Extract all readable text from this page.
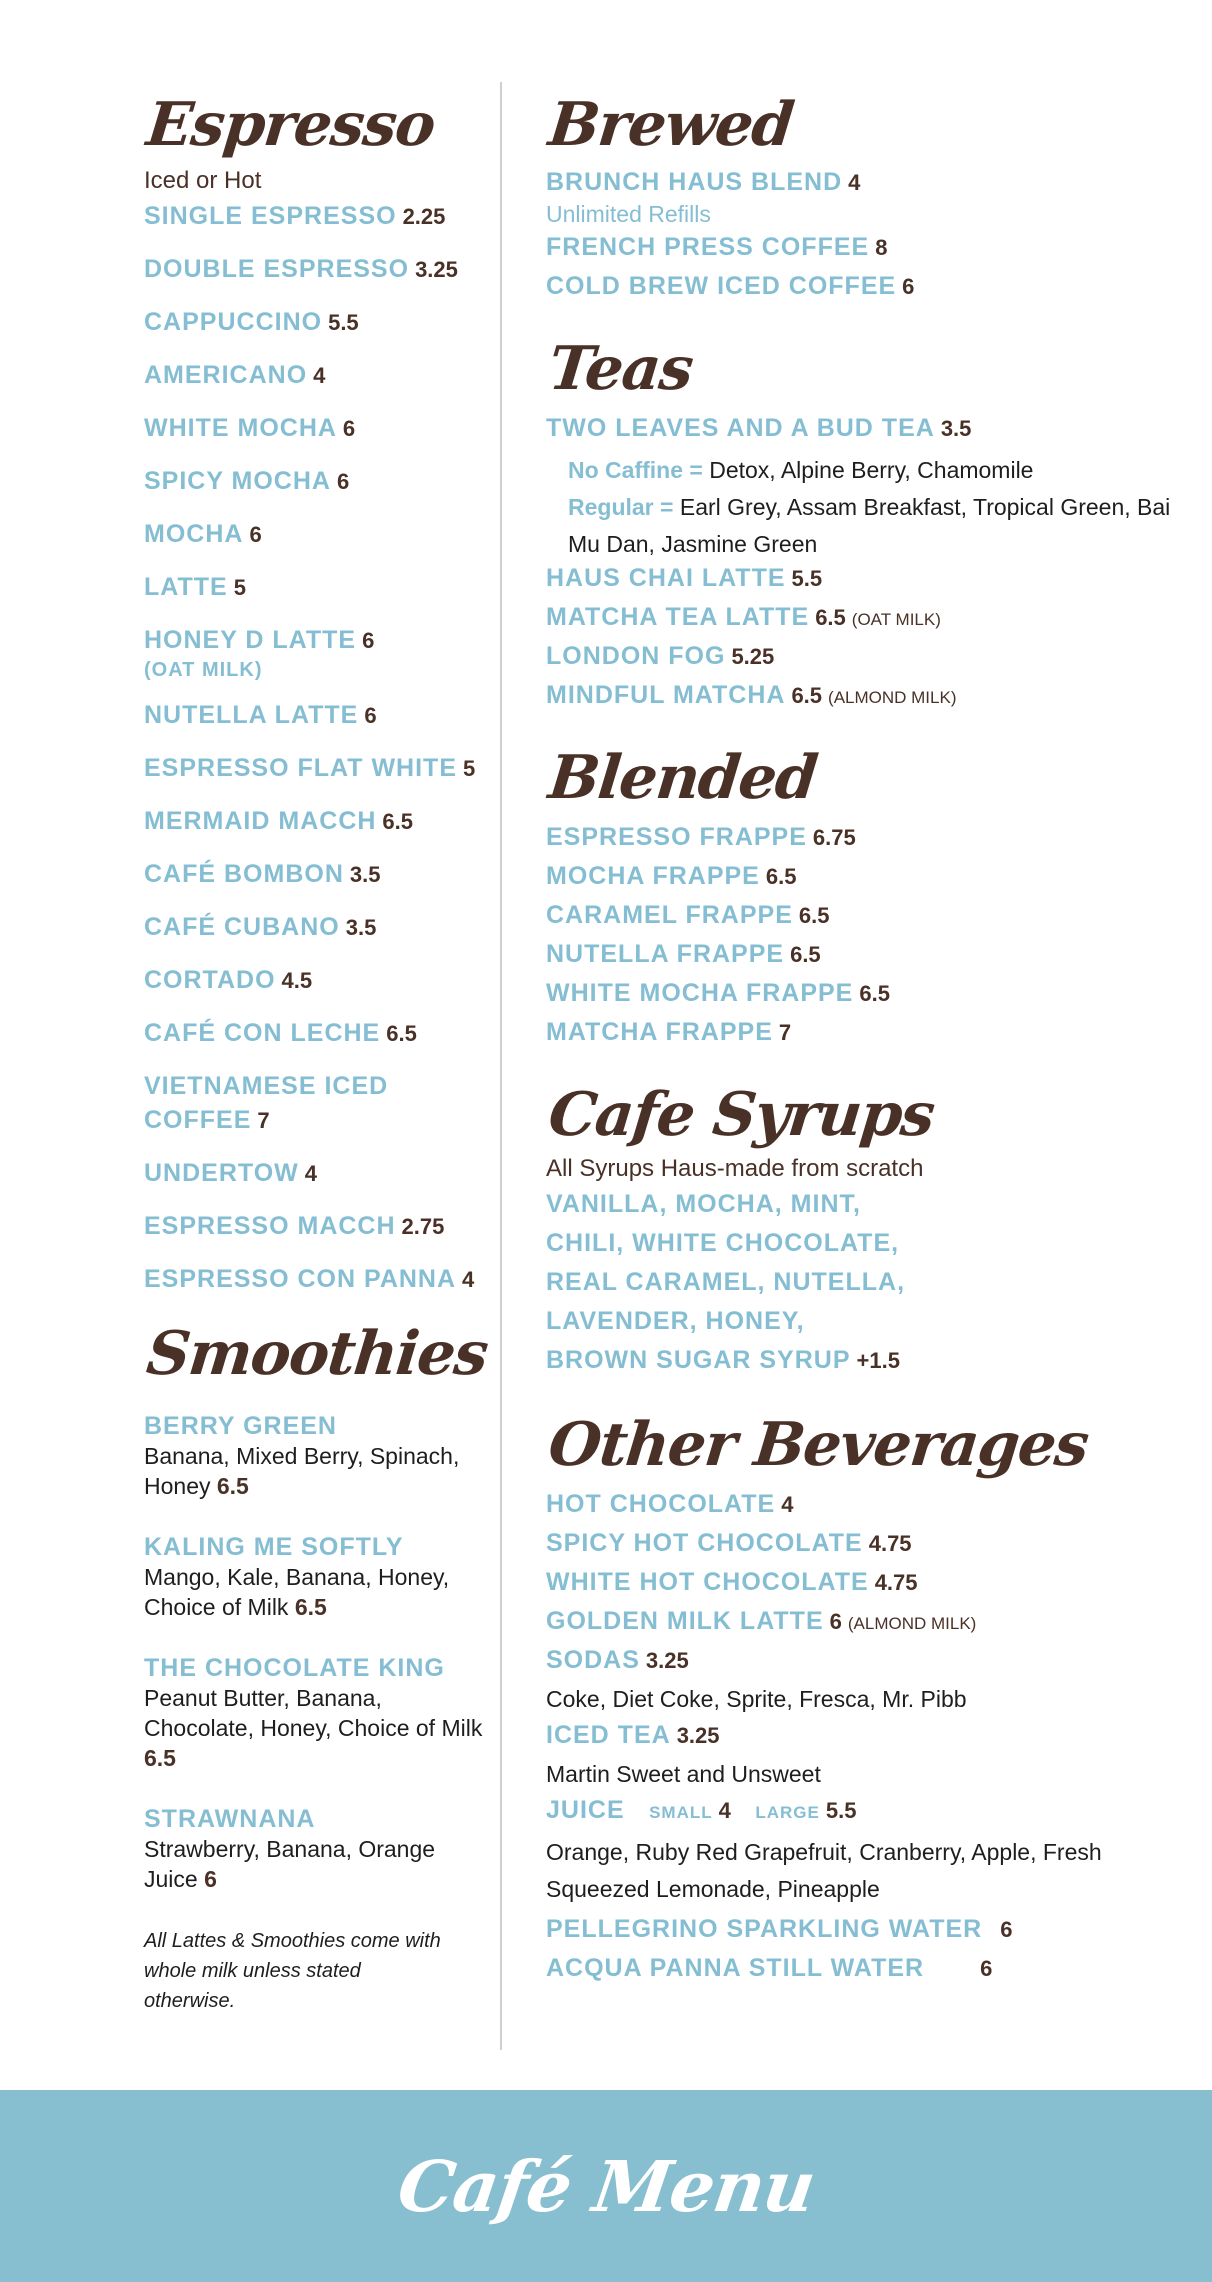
Espresso
Iced or Hot
SINGLE ESPRESSO 2.25
DOUBLE ESPRESSO 3.25
CAPPUCCINO 5.5
AMERICANO 4
WHITE MOCHA 6
SPICY MOCHA 6
MOCHA 6
LATTE 5
HONEY D LATTE 6
(OAT MILK)
NUTELLA LATTE 6
ESPRESSO FLAT WHITE 5
MERMAID MACCH 6.5
CAFÉ BOMBON 3.5
CAFÉ CUBANO 3.5
CORTADO 4.5
CAFÉ CON LECHE 6.5
VIETNAMESE ICED COFFEE 7
UNDERTOW 4
ESPRESSO MACCH 2.75
ESPRESSO CON PANNA 4
Smoothies
BERRY GREEN
Banana, Mixed Berry, Spinach, Honey 6.5
KALING ME SOFTLY
Mango, Kale, Banana, Honey, Choice of Milk 6.5
THE CHOCOLATE KING
Peanut Butter, Banana, Chocolate, Honey, Choice of Milk 6.5
STRAWNANA
Strawberry, Banana, Orange Juice 6
All Lattes & Smoothies come with whole milk unless stated otherwise.
Brewed
BRUNCH HAUS BLEND 4
Unlimited Refills
FRENCH PRESS COFFEE 8
COLD BREW ICED COFFEE 6
Teas
TWO LEAVES AND A BUD TEA 3.5
No Caffine = Detox, Alpine Berry, Chamomile
Regular = Earl Grey, Assam Breakfast, Tropical Green, Bai Mu Dan, Jasmine Green
HAUS CHAI LATTE 5.5
MATCHA TEA LATTE 6.5 (OAT MILK)
LONDON FOG 5.25
MINDFUL MATCHA 6.5 (ALMOND MILK)
Blended
ESPRESSO FRAPPE 6.75
MOCHA FRAPPE 6.5
CARAMEL FRAPPE 6.5
NUTELLA FRAPPE 6.5
WHITE MOCHA FRAPPE 6.5
MATCHA FRAPPE 7
Cafe Syrups
All Syrups Haus-made from scratch
VANILLA, MOCHA, MINT,
CHILI, WHITE CHOCOLATE,
REAL CARAMEL, NUTELLA,
LAVENDER, HONEY,
BROWN SUGAR SYRUP +1.5
Other Beverages
HOT CHOCOLATE 4
SPICY HOT CHOCOLATE 4.75
WHITE HOT CHOCOLATE 4.75
GOLDEN MILK LATTE 6 (ALMOND MILK)
SODAS 3.25
Coke, Diet Coke, Sprite, Fresca, Mr. Pibb
ICED TEA 3.25
Martin Sweet and Unsweet
JUICE SMALL 4 LARGE 5.5
Orange, Ruby Red Grapefruit, Cranberry, Apple, Fresh Squeezed Lemonade, Pineapple
PELLEGRINO SPARKLING WATER 6
ACQUA PANNA STILL WATER	6
Café Menu
